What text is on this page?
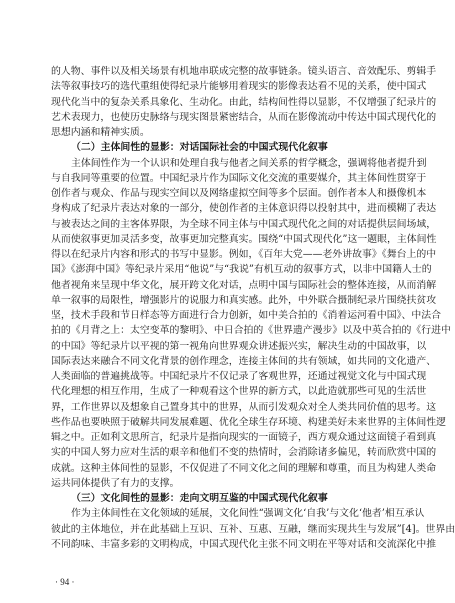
的人物、事件以及相关场景有机地串联成完整的故事链条。镜头语言、音效配乐、剪辑手
法等叙事技巧的选代重组使得纪录片能够用着现实的影像表达看不见的关系，使中国式
现代化当中的复杂关系具象化、生动化。由此，结构间性得以显影，不仅增强了纪录片的
艺术表现力，也使历史脉络与现实图景紧密结合，从而在影像流动中传达中国式现代化的
思想内涵和精神实质。
（二）主体间性的显影：对话国际社会的中国式现代化叙事
主体间性作为一个认识和处理自我与他者之间关系的哲学概念，强调将他者提升到
与自我同等重要的位置。中国纪录片作为国际文化交流的重要媒介，其主体间性贯穿于
创作者与观众、作品与现实空间以及网络虚拟空间等多个层面。创作者本人和摄像机本
身构成了纪录片表达对象的一部分，使创作者的主体意识得以投射其中，进而模糊了表达
与被表达之间的主客体界限，为全球不同主体与中国式现代化之间的对话提供层间场域，
从而使叙事更加灵活多变，故事更加完整真实。围绕“中国式现代化”这一题眼，主体间性
得以在纪录片内容和形式的书写中显影。例如，《百年大党——老外讲故事》《舞台上的中
国》《澎湃中国》等纪录片采用“他说”与“我说”有机互动的叙事方式，以非中国籍人士的
他者视角来呈现中华文化，展开跨文化对话，点明中国与国际社会的整体连接，从而消解
单一叙事的局限性，增强影片的说服力和真实感。此外，中外联合摄制纪录片围绕扶贫攻
坚，技术手段和节日样态等方面进行合力创新，如中美合拍的《消着运河看中国》、中法合
拍的《月背之上：太空变革的黎明》、中日合拍的《世界遗产漫步》以及中英合拍的《行进中
的中国》等纪录片以平视的第一视角向世界观众讲述振兴实，解决生动的中国故事，以
国际表达来融合不同文化背景的创作理念，连接主体间的共有领域，如共同的文化遗产、
人类面临的普遍挑战等。中国纪录片不仅记录了客观世界，还通过视觉文化与中国式现
代化理想的相互作用，生成了一种观看这个世界的新方式，以此造就那些可见的生活世
界，工作世界以及想象自己置身其中的世界，从而引发观众对全人类共同价值的思考。这
些作品也要映照于破解共同发展难题、优化全球生存环境、构建美好未来世界的主体间性逻
辑之中。正如利文思所言，纪录片是指向现实的一面镜子，西方观众通过这面镜子看到真
实的中国人努力应对生活的艰辛和他们不变的热情时，会消除诸多偏见，转而欣赏中国的
成就。这种主体间性的显影，不仅促进了不同文化之间的理解和尊重，而且为构建人类命
运共同体提供了有力的支撑。
（三）文化间性的显影：走向文明互鉴的中国式现代化叙事
作为主体间性在文化领域的延展，文化间性“强调文化‘自我’与文化‘他者’相互承认
彼此的主体地位，并在此基础上互识、互补、互惠、互融，继而实现共生与发展”[4]。世界由
不同韵味、丰富多彩的文明构成，中国式现代化主张不同文明在平等对话和交流深化中推
· 94 ·
